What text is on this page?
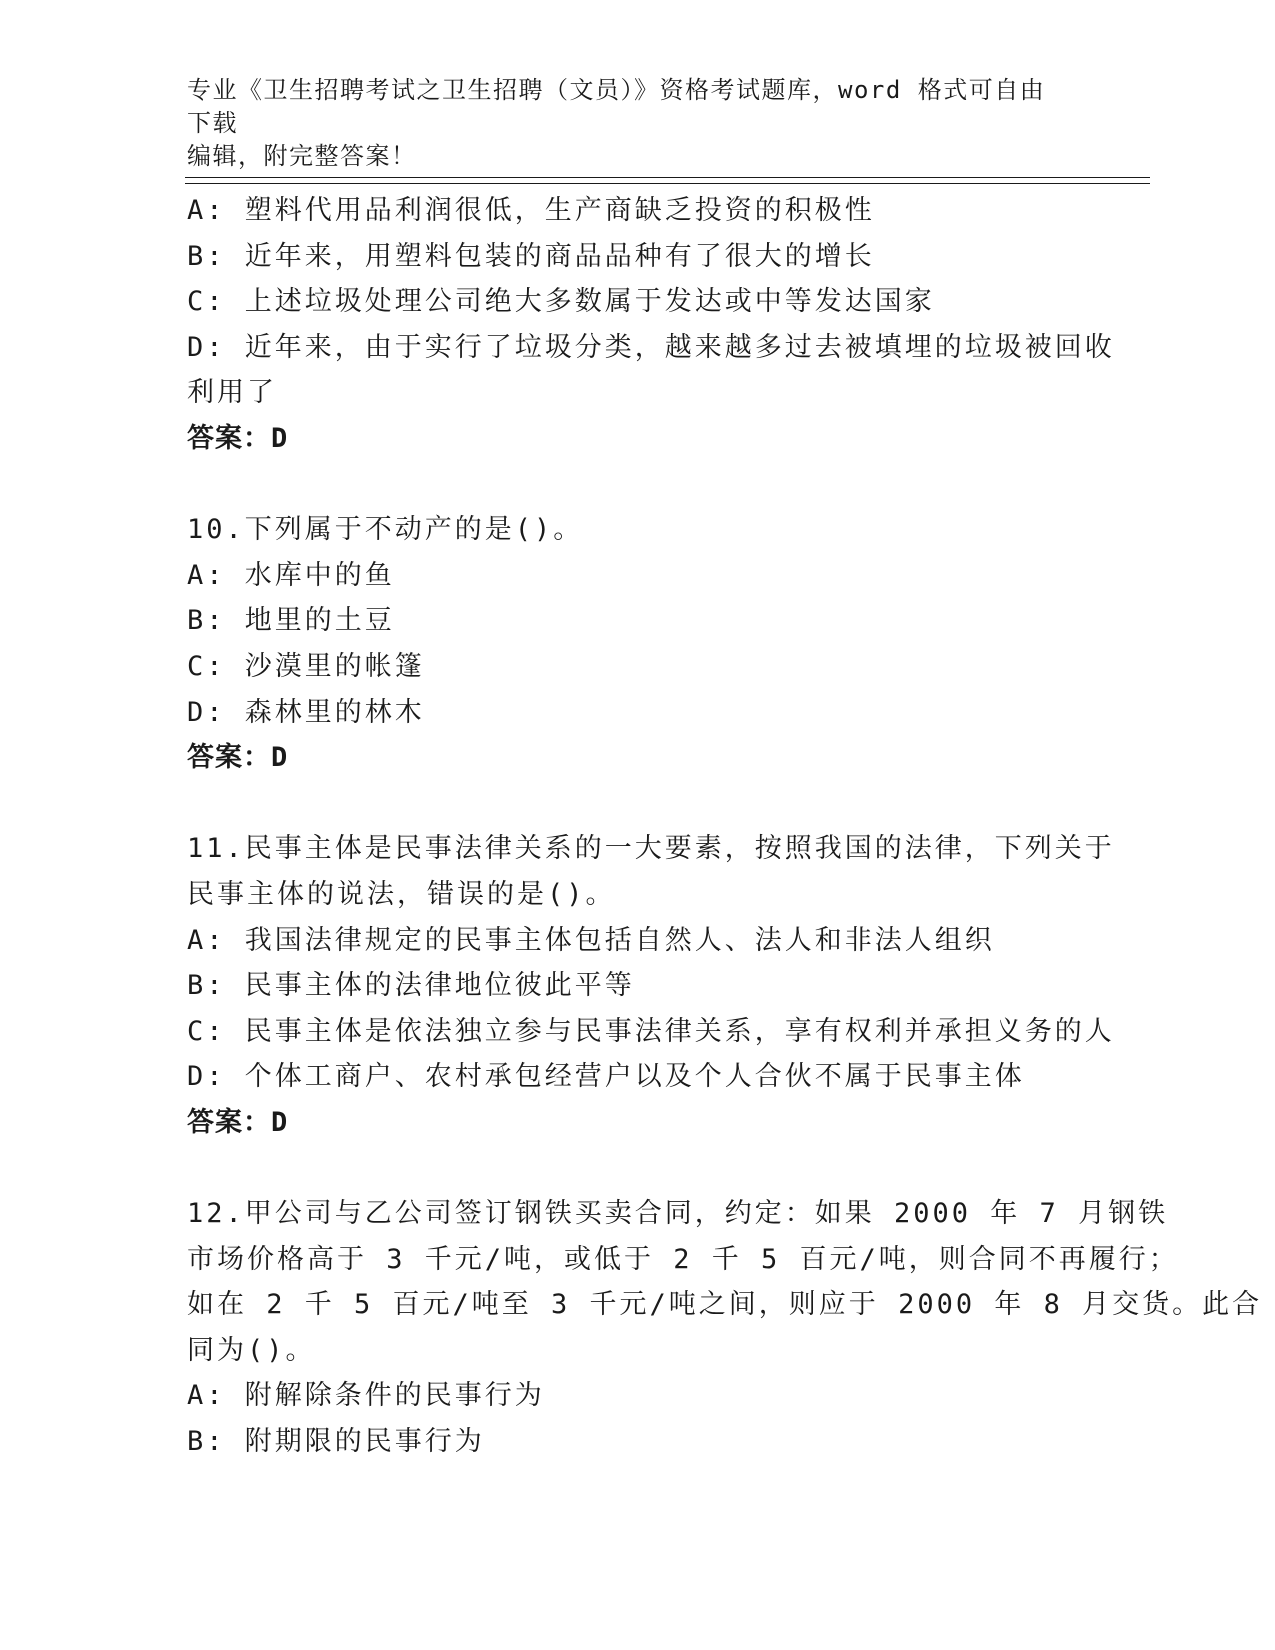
专业《卫生招聘考试之卫生招聘（文员）》资格考试题库，word 格式可自由下载
编辑，附完整答案！
A: 塑料代用品利润很低，生产商缺乏投资的积极性
B: 近年来，用塑料包装的商品品种有了很大的增长
C: 上述垃圾处理公司绝大多数属于发达或中等发达国家
D: 近年来，由于实行了垃圾分类，越来越多过去被填埋的垃圾被回收
利用了
答案：D
10.下列属于不动产的是()。
A: 水库中的鱼
B: 地里的土豆
C: 沙漠里的帐篷
D: 森林里的林木
答案：D
11.民事主体是民事法律关系的一大要素，按照我国的法律，下列关于
民事主体的说法，错误的是()。
A: 我国法律规定的民事主体包括自然人、法人和非法人组织
B: 民事主体的法律地位彼此平等
C: 民事主体是依法独立参与民事法律关系，享有权利并承担义务的人
D: 个体工商户、农村承包经营户以及个人合伙不属于民事主体
答案：D
12.甲公司与乙公司签订钢铁买卖合同，约定：如果 2000 年 7 月钢铁
市场价格高于 3 千元/吨，或低于 2 千 5 百元/吨，则合同不再履行；
如在 2 千 5 百元/吨至 3 千元/吨之间，则应于 2000 年 8 月交货。此合
同为()。
A: 附解除条件的民事行为
B: 附期限的民事行为
